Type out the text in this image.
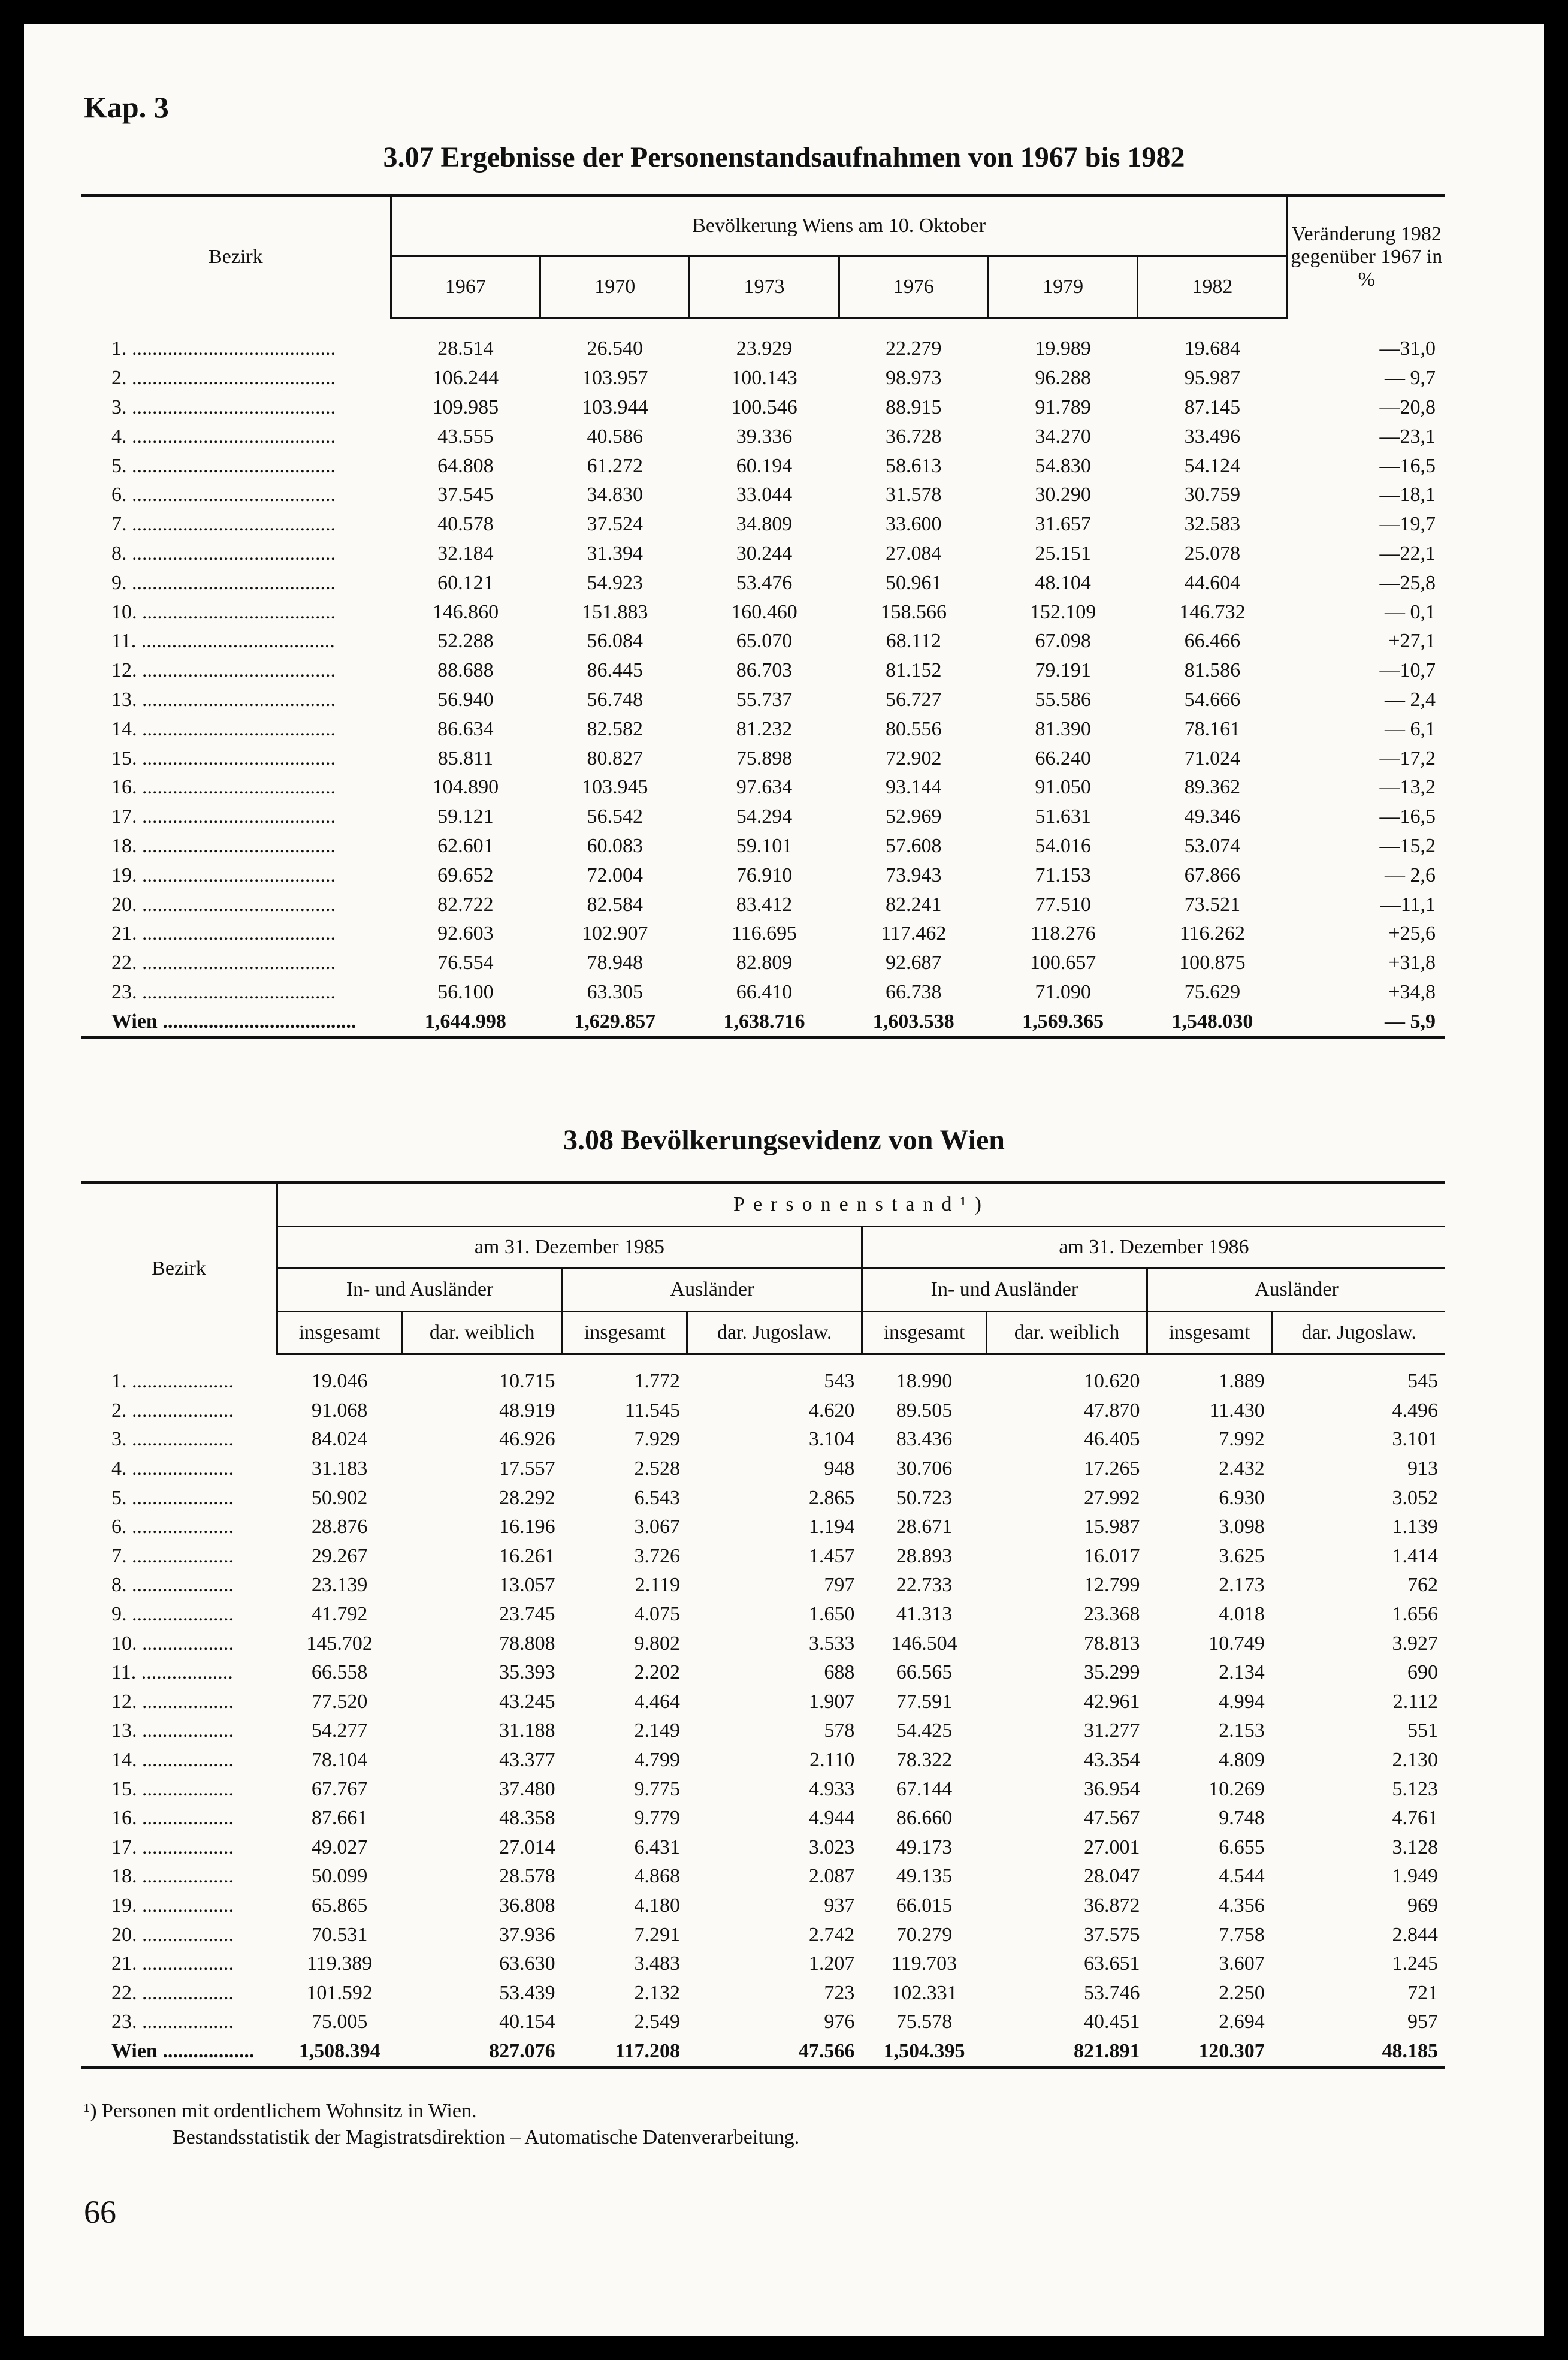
Kap. 3
3.07 Ergebnisse der Personenstandsaufnahmen von 1967 bis 1982
Bezirk	Bevölkerung Wiens am 10. Oktober						Veränderung 1982 gegenüber 1967 in %
	1967	1970	1973	1976	1979	1982	
1. ........................................	28.514	26.540	23.929	22.279	19.989	19.684	—31,0
2. ........................................	106.244	103.957	100.143	98.973	96.288	95.987	— 9,7
3. ........................................	109.985	103.944	100.546	88.915	91.789	87.145	—20,8
4. ........................................	43.555	40.586	39.336	36.728	34.270	33.496	—23,1
5. ........................................	64.808	61.272	60.194	58.613	54.830	54.124	—16,5
6. ........................................	37.545	34.830	33.044	31.578	30.290	30.759	—18,1
7. ........................................	40.578	37.524	34.809	33.600	31.657	32.583	—19,7
8. ........................................	32.184	31.394	30.244	27.084	25.151	25.078	—22,1
9. ........................................	60.121	54.923	53.476	50.961	48.104	44.604	—25,8
10. ......................................	146.860	151.883	160.460	158.566	152.109	146.732	— 0,1
11. ......................................	52.288	56.084	65.070	68.112	67.098	66.466	+27,1
12. ......................................	88.688	86.445	86.703	81.152	79.191	81.586	—10,7
13. ......................................	56.940	56.748	55.737	56.727	55.586	54.666	— 2,4
14. ......................................	86.634	82.582	81.232	80.556	81.390	78.161	— 6,1
15. ......................................	85.811	80.827	75.898	72.902	66.240	71.024	—17,2
16. ......................................	104.890	103.945	97.634	93.144	91.050	89.362	—13,2
17. ......................................	59.121	56.542	54.294	52.969	51.631	49.346	—16,5
18. ......................................	62.601	60.083	59.101	57.608	54.016	53.074	—15,2
19. ......................................	69.652	72.004	76.910	73.943	71.153	67.866	— 2,6
20. ......................................	82.722	82.584	83.412	82.241	77.510	73.521	—11,1
21. ......................................	92.603	102.907	116.695	117.462	118.276	116.262	+25,6
22. ......................................	76.554	78.948	82.809	92.687	100.657	100.875	+31,8
23. ......................................	56.100	63.305	66.410	66.738	71.090	75.629	+34,8
Wien ......................................	1,644.998	1,629.857	1,638.716	1,603.538	1,569.365	1,548.030	— 5,9
3.08 Bevölkerungsevidenz von Wien
Bezirk	Personenstand¹)							
	am 31. Dezember 1985				am 31. Dezember 1986			
	In- und Ausländer		Ausländer		In- und Ausländer		Ausländer	
	insgesamt	dar. weiblich	insgesamt	dar. Jugoslaw.	insgesamt	dar. weiblich	insgesamt	dar. Jugoslaw.
1. ....................	19.046	10.715	1.772	543	18.990	10.620	1.889	545
2. ....................	91.068	48.919	11.545	4.620	89.505	47.870	11.430	4.496
3. ....................	84.024	46.926	7.929	3.104	83.436	46.405	7.992	3.101
4. ....................	31.183	17.557	2.528	948	30.706	17.265	2.432	913
5. ....................	50.902	28.292	6.543	2.865	50.723	27.992	6.930	3.052
6. ....................	28.876	16.196	3.067	1.194	28.671	15.987	3.098	1.139
7. ....................	29.267	16.261	3.726	1.457	28.893	16.017	3.625	1.414
8. ....................	23.139	13.057	2.119	797	22.733	12.799	2.173	762
9. ....................	41.792	23.745	4.075	1.650	41.313	23.368	4.018	1.656
10. ..................	145.702	78.808	9.802	3.533	146.504	78.813	10.749	3.927
11. ..................	66.558	35.393	2.202	688	66.565	35.299	2.134	690
12. ..................	77.520	43.245	4.464	1.907	77.591	42.961	4.994	2.112
13. ..................	54.277	31.188	2.149	578	54.425	31.277	2.153	551
14. ..................	78.104	43.377	4.799	2.110	78.322	43.354	4.809	2.130
15. ..................	67.767	37.480	9.775	4.933	67.144	36.954	10.269	5.123
16. ..................	87.661	48.358	9.779	4.944	86.660	47.567	9.748	4.761
17. ..................	49.027	27.014	6.431	3.023	49.173	27.001	6.655	3.128
18. ..................	50.099	28.578	4.868	2.087	49.135	28.047	4.544	1.949
19. ..................	65.865	36.808	4.180	937	66.015	36.872	4.356	969
20. ..................	70.531	37.936	7.291	2.742	70.279	37.575	7.758	2.844
21. ..................	119.389	63.630	3.483	1.207	119.703	63.651	3.607	1.245
22. ..................	101.592	53.439	2.132	723	102.331	53.746	2.250	721
23. ..................	75.005	40.154	2.549	976	75.578	40.451	2.694	957
Wien ..................	1,508.394	827.076	117.208	47.566	1,504.395	821.891	120.307	48.185
¹) Personen mit ordentlichem Wohnsitz in Wien.
Bestandsstatistik der Magistratsdirektion – Automatische Datenverarbeitung.
66
